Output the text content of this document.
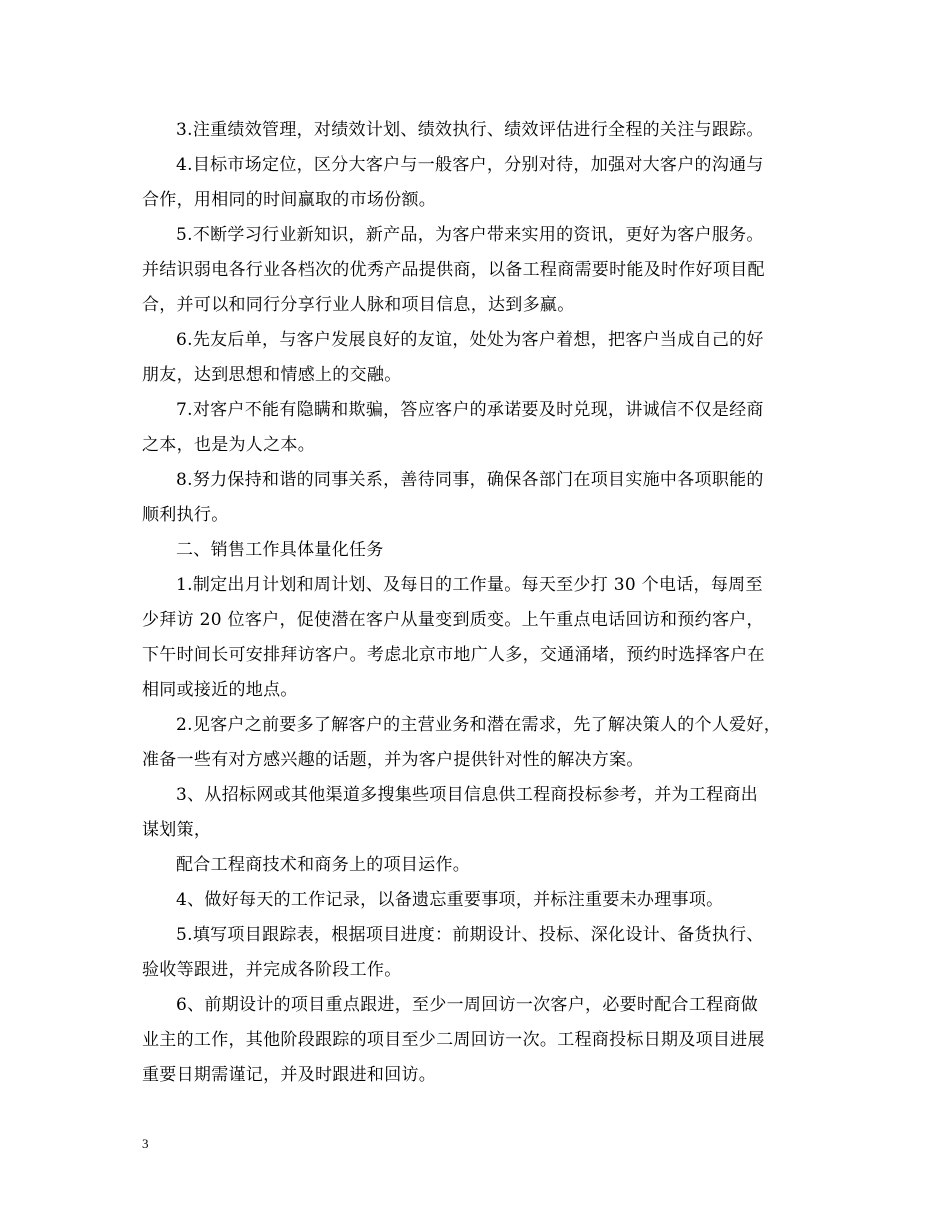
3.注重绩效管理，对绩效计划、绩效执行、绩效评估进行全程的关注与跟踪。
4.目标市场定位，区分大客户与一般客户，分别对待，加强对大客户的沟通与
合作，用相同的时间赢取的市场份额。
5.不断学习行业新知识，新产品，为客户带来实用的资讯，更好为客户服务。
并结识弱电各行业各档次的优秀产品提供商，以备工程商需要时能及时作好项目配
合，并可以和同行分享行业人脉和项目信息，达到多赢。
6.先友后单，与客户发展良好的友谊，处处为客户着想，把客户当成自己的好
朋友，达到思想和情感上的交融。
7.对客户不能有隐瞒和欺骗，答应客户的承诺要及时兑现，讲诚信不仅是经商
之本，也是为人之本。
8.努力保持和谐的同事关系，善待同事，确保各部门在项目实施中各项职能的
顺利执行。
二、销售工作具体量化任务
1.制定出月计划和周计划、及每日的工作量。每天至少打 30 个电话，每周至
少拜访 20 位客户，促使潜在客户从量变到质变。上午重点电话回访和预约客户，
下午时间长可安排拜访客户。考虑北京市地广人多，交通涌堵，预约时选择客户在
相同或接近的地点。
2.见客户之前要多了解客户的主营业务和潜在需求，先了解决策人的个人爱好，
准备一些有对方感兴趣的话题，并为客户提供针对性的解决方案。
3、从招标网或其他渠道多搜集些项目信息供工程商投标参考，并为工程商出
谋划策，
配合工程商技术和商务上的项目运作。
4、做好每天的工作记录，以备遗忘重要事项，并标注重要未办理事项。
5.填写项目跟踪表，根据项目进度：前期设计、投标、深化设计、备货执行、
验收等跟进，并完成各阶段工作。
6、前期设计的项目重点跟进，至少一周回访一次客户，必要时配合工程商做
业主的工作，其他阶段跟踪的项目至少二周回访一次。工程商投标日期及项目进展
重要日期需谨记，并及时跟进和回访。
3
